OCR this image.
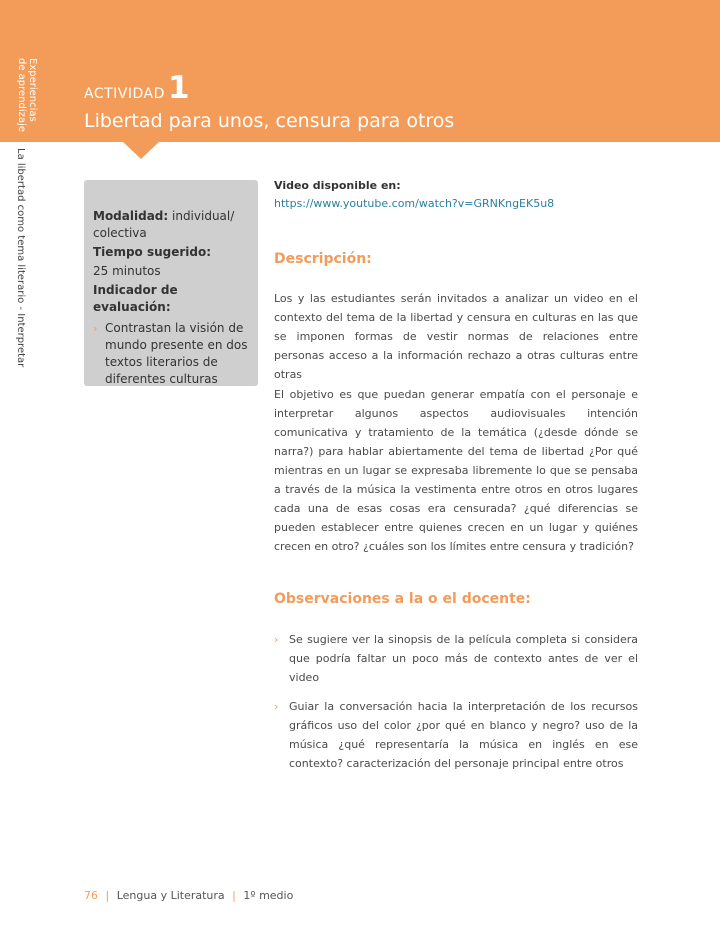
Experiencias
de aprendizaje
La libertad como tema literario - Interpretar
ACTIVIDAD 1
Libertad para unos, censura para otros
Modalidad: individual/ colectiva
Tiempo sugerido:
25 minutos
Indicador de evaluación:
› Contrastan la visión de mundo presente en dos textos literarios de diferentes culturas
Video disponible en:
https://www.youtube.com/watch?v=GRNKngEK5u8
Descripción:
Los y las estudiantes serán invitados a analizar un video en el contexto del tema de la libertad y censura en culturas en las que se imponen formas de vestir normas de relaciones entre personas acceso a la información rechazo a otras culturas entre otras
El objetivo es que puedan generar empatía con el personaje e interpretar algunos aspectos audiovisuales intención comunicativa y tratamiento de la temática (¿desde dónde se narra?) para hablar abiertamente del tema de libertad ¿Por qué mientras en un lugar se expresaba libremente lo que se pensaba a través de la música la vestimenta entre otros en otros lugares cada una de esas cosas era censurada? ¿qué diferencias se pueden establecer entre quienes crecen en un lugar y quiénes crecen en otro? ¿cuáles son los límites entre censura y tradición?
Observaciones a la o el docente:
› Se sugiere ver la sinopsis de la película completa si considera que podría faltar un poco más de contexto antes de ver el video
› Guiar la conversación hacia la interpretación de los recursos gráficos uso del color ¿por qué en blanco y negro? uso de la música ¿qué representaría la música en inglés en ese contexto? caracterización del personaje principal entre otros
76 | Lengua y Literatura | 1º medio
